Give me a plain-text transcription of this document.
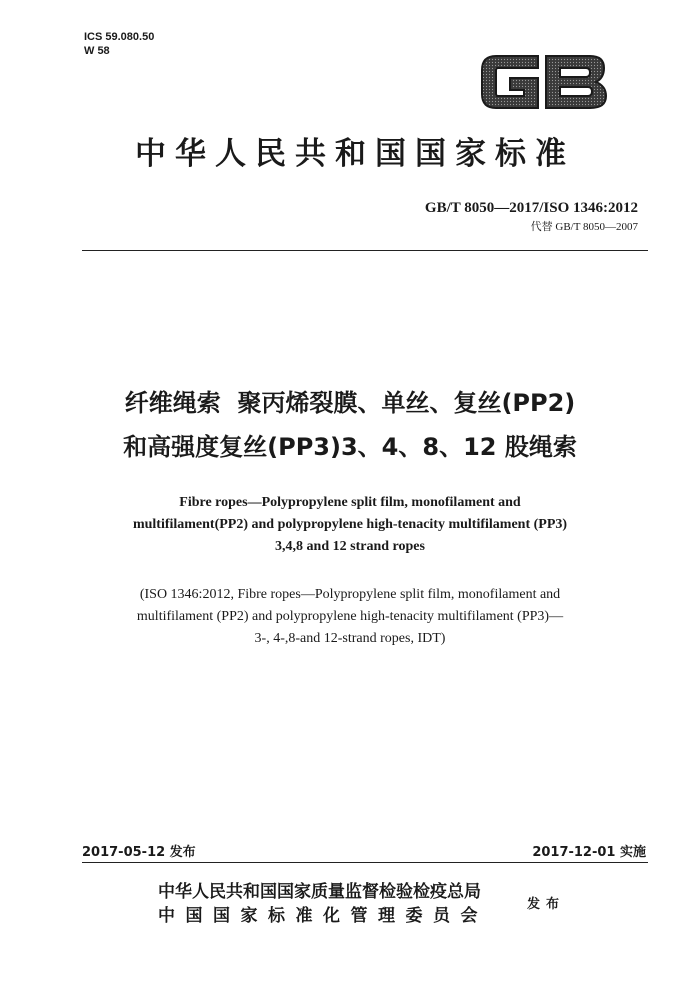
ICS 59.080.50
W 58
中华人民共和国国家标准
GB/T 8050—2017/ISO 1346:2012
代替 GB/T 8050—2007
纤维绳索  聚丙烯裂膜、单丝、复丝(PP2)
和高强度复丝(PP3)3、4、8、12 股绳索
Fibre ropes—Polypropylene split film, monofilament and
multifilament(PP2) and polypropylene high-tenacity multifilament (PP3)
3,4,8 and 12 strand ropes
(ISO 1346:2012, Fibre ropes—Polypropylene split film, monofilament and
multifilament (PP2) and polypropylene high-tenacity multifilament (PP3)—
3-, 4-,8-and 12-strand ropes, IDT)
2017-05-12 发布	2017-12-01 实施
中华人民共和国国家质量监督检验检疫总局
中国国家标准化管理委员会
发布
